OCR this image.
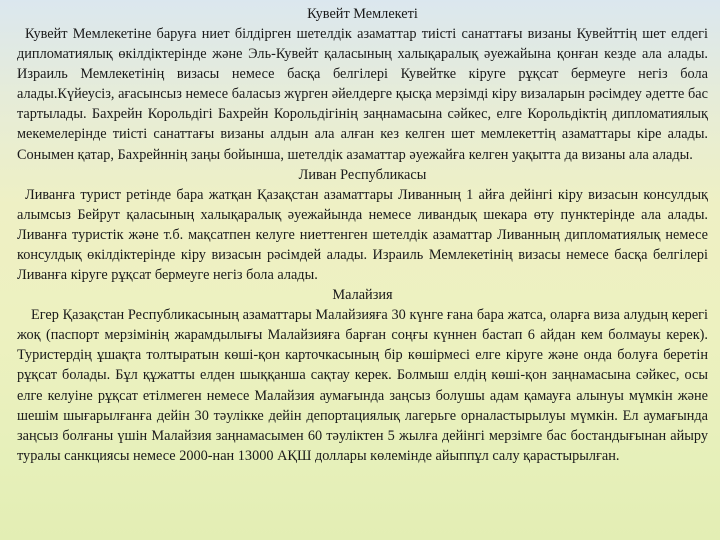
Кувейт Мемлекеті

Кувейт Мемлекетіне баруға ниет білдірген шетелдік азаматтар тиісті санаттағы визаны Кувейттің шет елдегі дипломатиялық өкілдіктерінде және Эль-Кувейт қаласының халықаралық әуежайына қонған кезде ала алады. Израиль Мемлекетінің визасы немесе басқа белгілері Кувейтке кіруге рұқсат бермеуге негіз бола алады.Күйеусіз, ағасынсыз немесе баласыз жүрген әйелдерге қысқа мерзімді кіру визаларын рәсімдеу әдетте бас тартылады. Бахрейн Корольдігі Бахрейн Корольдігінің заңнамасына сәйкес, елге Корольдіктің дипломатиялық мекемелерінде тиісті санаттағы визаны алдын ала алған кез келген шет мемлекеттің азаматтары кіре алады. Сонымен қатар, Бахрейннің заңы бойынша, шетелдік азаматтар әуежайға келген уақытта да визаны ала алады.

Ливан Республикасы

Ливанға турист ретінде бара жатқан Қазақстан азаматтары Ливанның 1 айға дейінгі кіру визасын консулдық алымсыз Бейрут қаласының халықаралық әуежайында немесе ливандық шекара өту пунктерінде ала алады. Ливанға туристік және т.б. мақсатпен келуге ниеттенген шетелдік азаматтар Ливанның дипломатиялық немесе консулдық өкілдіктерінде кіру визасын рәсімдей алады. Израиль Мемлекетінің визасы немесе басқа белгілері Ливанға кіруге рұқсат бермеуге негіз бола алады.

Малайзия

Егер Қазақстан Республикасының азаматтары Малайзияға 30 күнге ғана бара жатса, оларға виза алудың керегі жоқ (паспорт мерзімінің жарамдылығы Малайзияға барған соңғы күннен бастап 6 айдан кем болмауы керек). Туристердің ұшақта толтыратын көші-қон карточкасының бір көшірмесі елге кіруге және онда болуға беретін рұқсат болады. Бұл құжатты елден шыққанша сақтау керек. Болмыш елдің көші-қон заңнамасына сәйкес, осы елге келуіне рұқсат етілмеген немесе Малайзия аумағында заңсыз болушы адам қамауға алынуы мүмкін және шешім шығарылғанға дейін 30 тәулікке дейін депортациялық лагерьге орналастырылуы мүмкін. Ел аумағында заңсыз болғаны үшін Малайзия заңнамасымен 60 тәуліктен 5 жылға дейінгі мерзімге бас бостандығынан айыру туралы санкциясы немесе 2000-нан 13000 АҚШ доллары көлемінде айыппұл салу қарастырылған.
